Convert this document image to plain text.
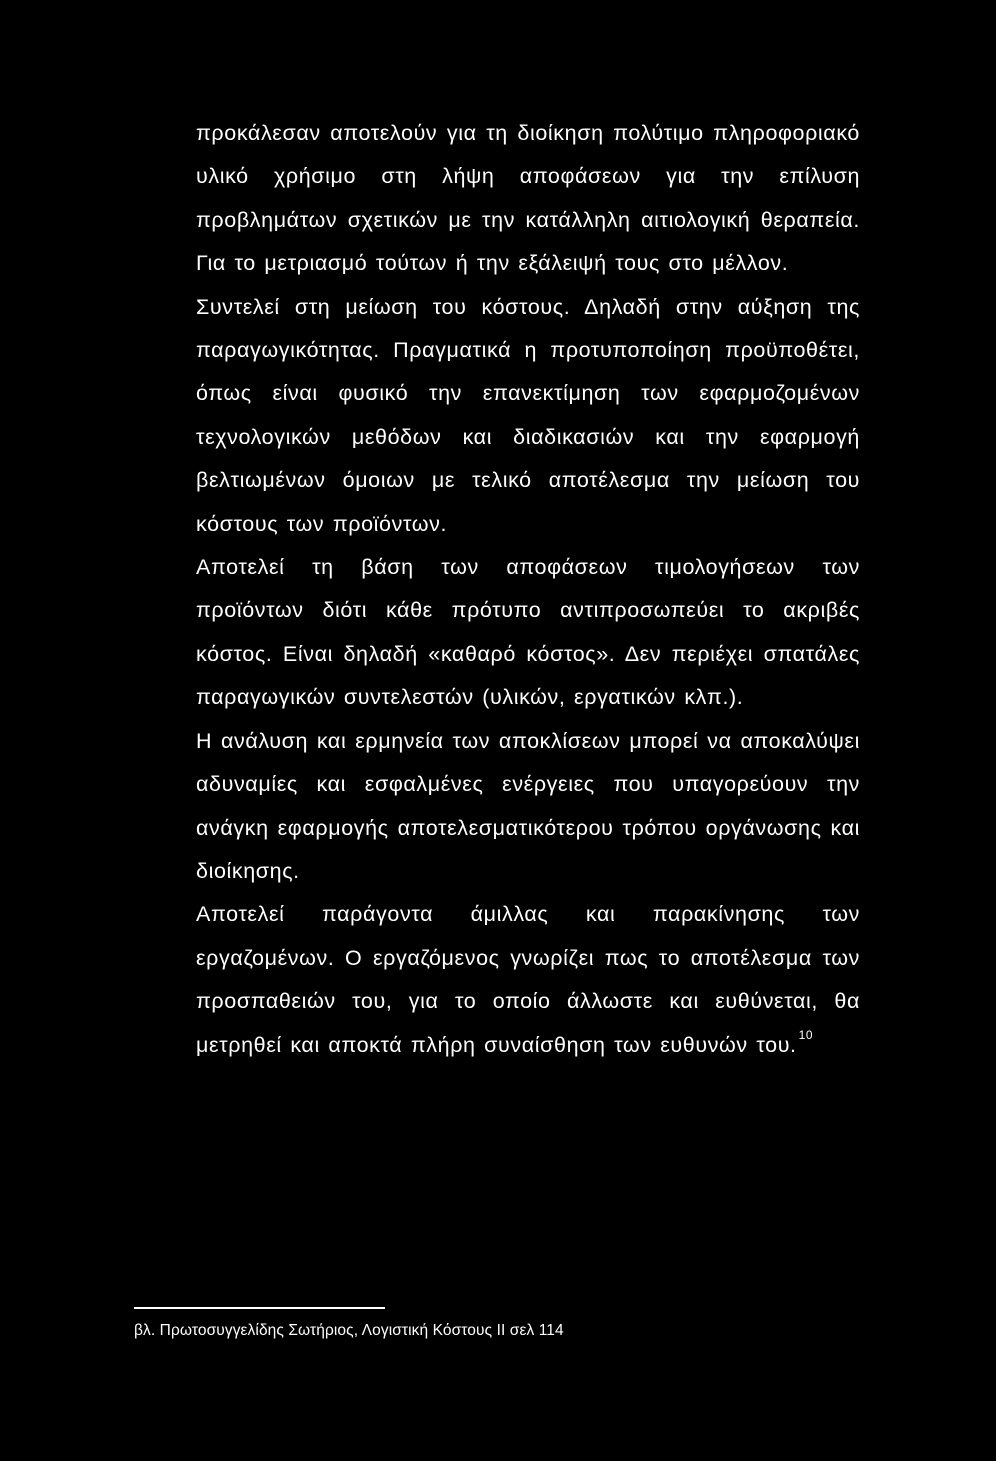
προκάλεσαν αποτελούν για τη διοίκηση πολύτιμο πληροφοριακό υλικό χρήσιμο στη λήψη αποφάσεων για την επίλυση προβλημάτων σχετικών με την κατάλληλη αιτιολογική θεραπεία. Για το μετριασμό τούτων ή την εξάλειψή τους στο μέλλον.

Συντελεί στη μείωση του κόστους. Δηλαδή στην αύξηση της παραγωγικότητας. Πραγματικά η προτυποποίηση προϋποθέτει, όπως είναι φυσικό την επανεκτίμηση των εφαρμοζομένων τεχνολογικών μεθόδων και διαδικασιών και την εφαρμογή βελτιωμένων όμοιων με τελικό αποτέλεσμα την μείωση του κόστους των προϊόντων.

Αποτελεί τη βάση των αποφάσεων τιμολογήσεων των προϊόντων διότι κάθε πρότυπο αντιπροσωπεύει το ακριβές κόστος. Είναι δηλαδή «καθαρό κόστος». Δεν περιέχει σπατάλες παραγωγικών συντελεστών (υλικών, εργατικών κλπ.).

Η ανάλυση και ερμηνεία των αποκλίσεων μπορεί να αποκαλύψει αδυναμίες και εσφαλμένες ενέργειες που υπαγορεύουν την ανάγκη εφαρμογής αποτελεσματικότερου τρόπου οργάνωσης και διοίκησης.

Αποτελεί παράγοντα άμιλλας και παρακίνησης των εργαζομένων. Ο εργαζόμενος γνωρίζει πως το αποτέλεσμα των προσπαθειών του, για το οποίο άλλωστε και ευθύνεται, θα μετρηθεί και αποκτά πλήρη συναίσθηση των ευθυνών του. $^{10}$

βλ. Πρωτοσυγγελίδης Σωτήριος, Λογιστική Κόστους ΙΙ σελ 114
